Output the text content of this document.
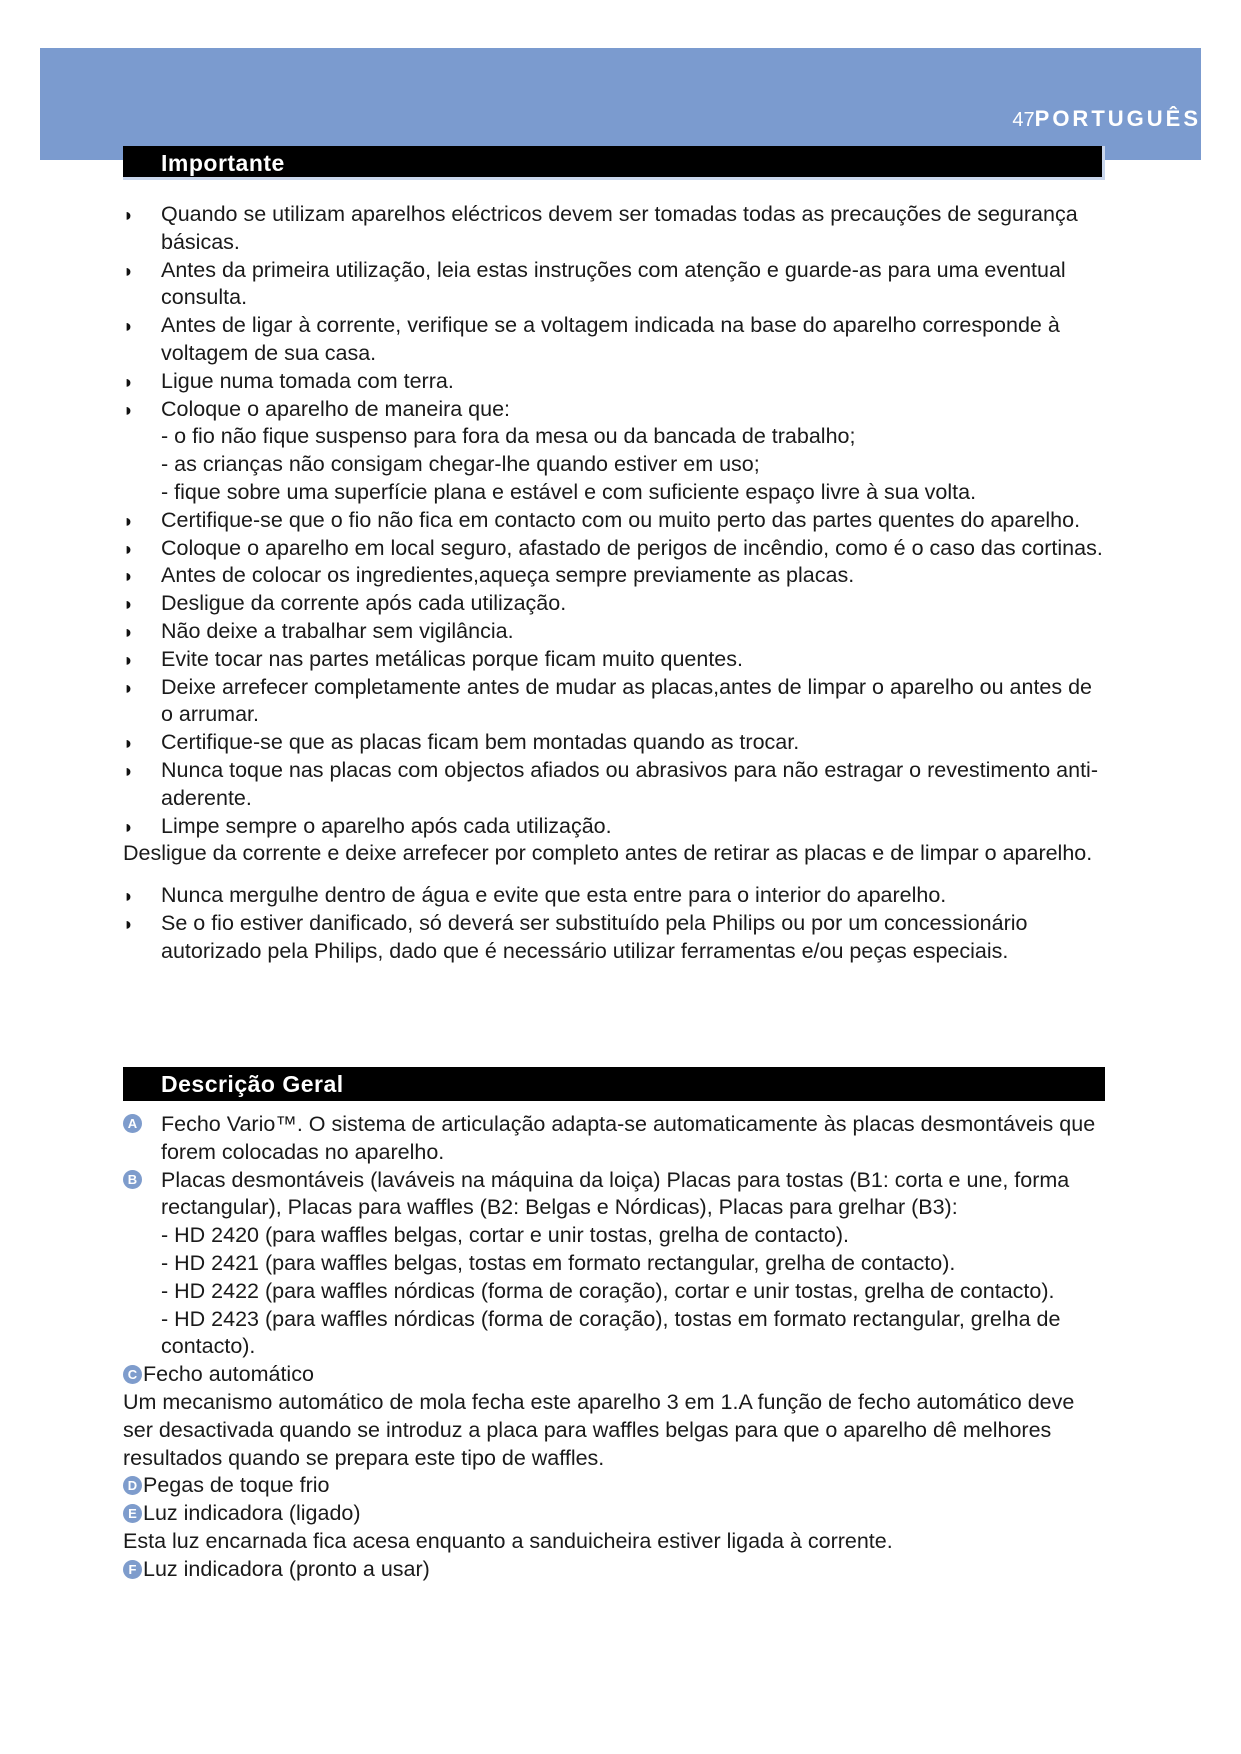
47PORTUGUÊS
Importante
◗ Quando se utilizam aparelhos eléctricos devem ser tomadas todas as precauções de segurança básicas.
◗ Antes da primeira utilização, leia estas instruções com atenção e guarde-as para uma eventual consulta.
◗ Antes de ligar à corrente, verifique se a voltagem indicada na base do aparelho corresponde à voltagem de sua casa.
◗ Ligue numa tomada com terra.
◗ Coloque o aparelho de maneira que:
- o fio não fique suspenso para fora da mesa ou da bancada de trabalho;
- as crianças não consigam chegar-lhe quando estiver em uso;
- fique sobre uma superfície plana e estável e com suficiente espaço livre à sua volta.
◗ Certifique-se que o fio não fica em contacto com ou muito perto das partes quentes do aparelho.
◗ Coloque o aparelho em local seguro, afastado de perigos de incêndio, como é o caso das cortinas.
◗ Antes de colocar os ingredientes,aqueça sempre previamente as placas.
◗ Desligue da corrente após cada utilização.
◗ Não deixe a trabalhar sem vigilância.
◗ Evite tocar nas partes metálicas porque ficam muito quentes.
◗ Deixe arrefecer completamente antes de mudar as placas,antes de limpar o aparelho ou antes de o arrumar.
◗ Certifique-se que as placas ficam bem montadas quando as trocar.
◗ Nunca toque nas placas com objectos afiados ou abrasivos para não estragar o revestimento anti-aderente.
◗ Limpe sempre o aparelho após cada utilização.
Desligue da corrente e deixe arrefecer por completo antes de retirar as placas e de limpar o aparelho.
◗ Nunca mergulhe dentro de água e evite que esta entre para o interior do aparelho.
◗ Se o fio estiver danificado, só deverá ser substituído pela Philips ou por um concessionário autorizado pela Philips, dado que é necessário utilizar ferramentas e/ou peças especiais.
Descrição Geral
A Fecho Vario™. O sistema de articulação adapta-se automaticamente às placas desmontáveis que forem colocadas no aparelho.
B Placas desmontáveis (laváveis na máquina da loiça) Placas para tostas (B1: corta e une, forma rectangular), Placas para waffles (B2: Belgas e Nórdicas), Placas para grelhar (B3):
- HD 2420 (para waffles belgas, cortar e unir tostas, grelha de contacto).
- HD 2421 (para waffles belgas, tostas em formato rectangular, grelha de contacto).
- HD 2422 (para waffles nórdicas (forma de coração), cortar e unir tostas, grelha de contacto).
- HD 2423 (para waffles nórdicas (forma de coração), tostas em formato rectangular, grelha de contacto).
C Fecho automático
Um mecanismo automático de mola fecha este aparelho 3 em 1.A função de fecho automático deve ser desactivada quando se introduz a placa para waffles belgas para que o aparelho dê melhores resultados quando se prepara este tipo de waffles.
D Pegas de toque frio
E Luz indicadora (ligado)
Esta luz encarnada fica acesa enquanto a sanduicheira estiver ligada à corrente.
F Luz indicadora (pronto a usar)
